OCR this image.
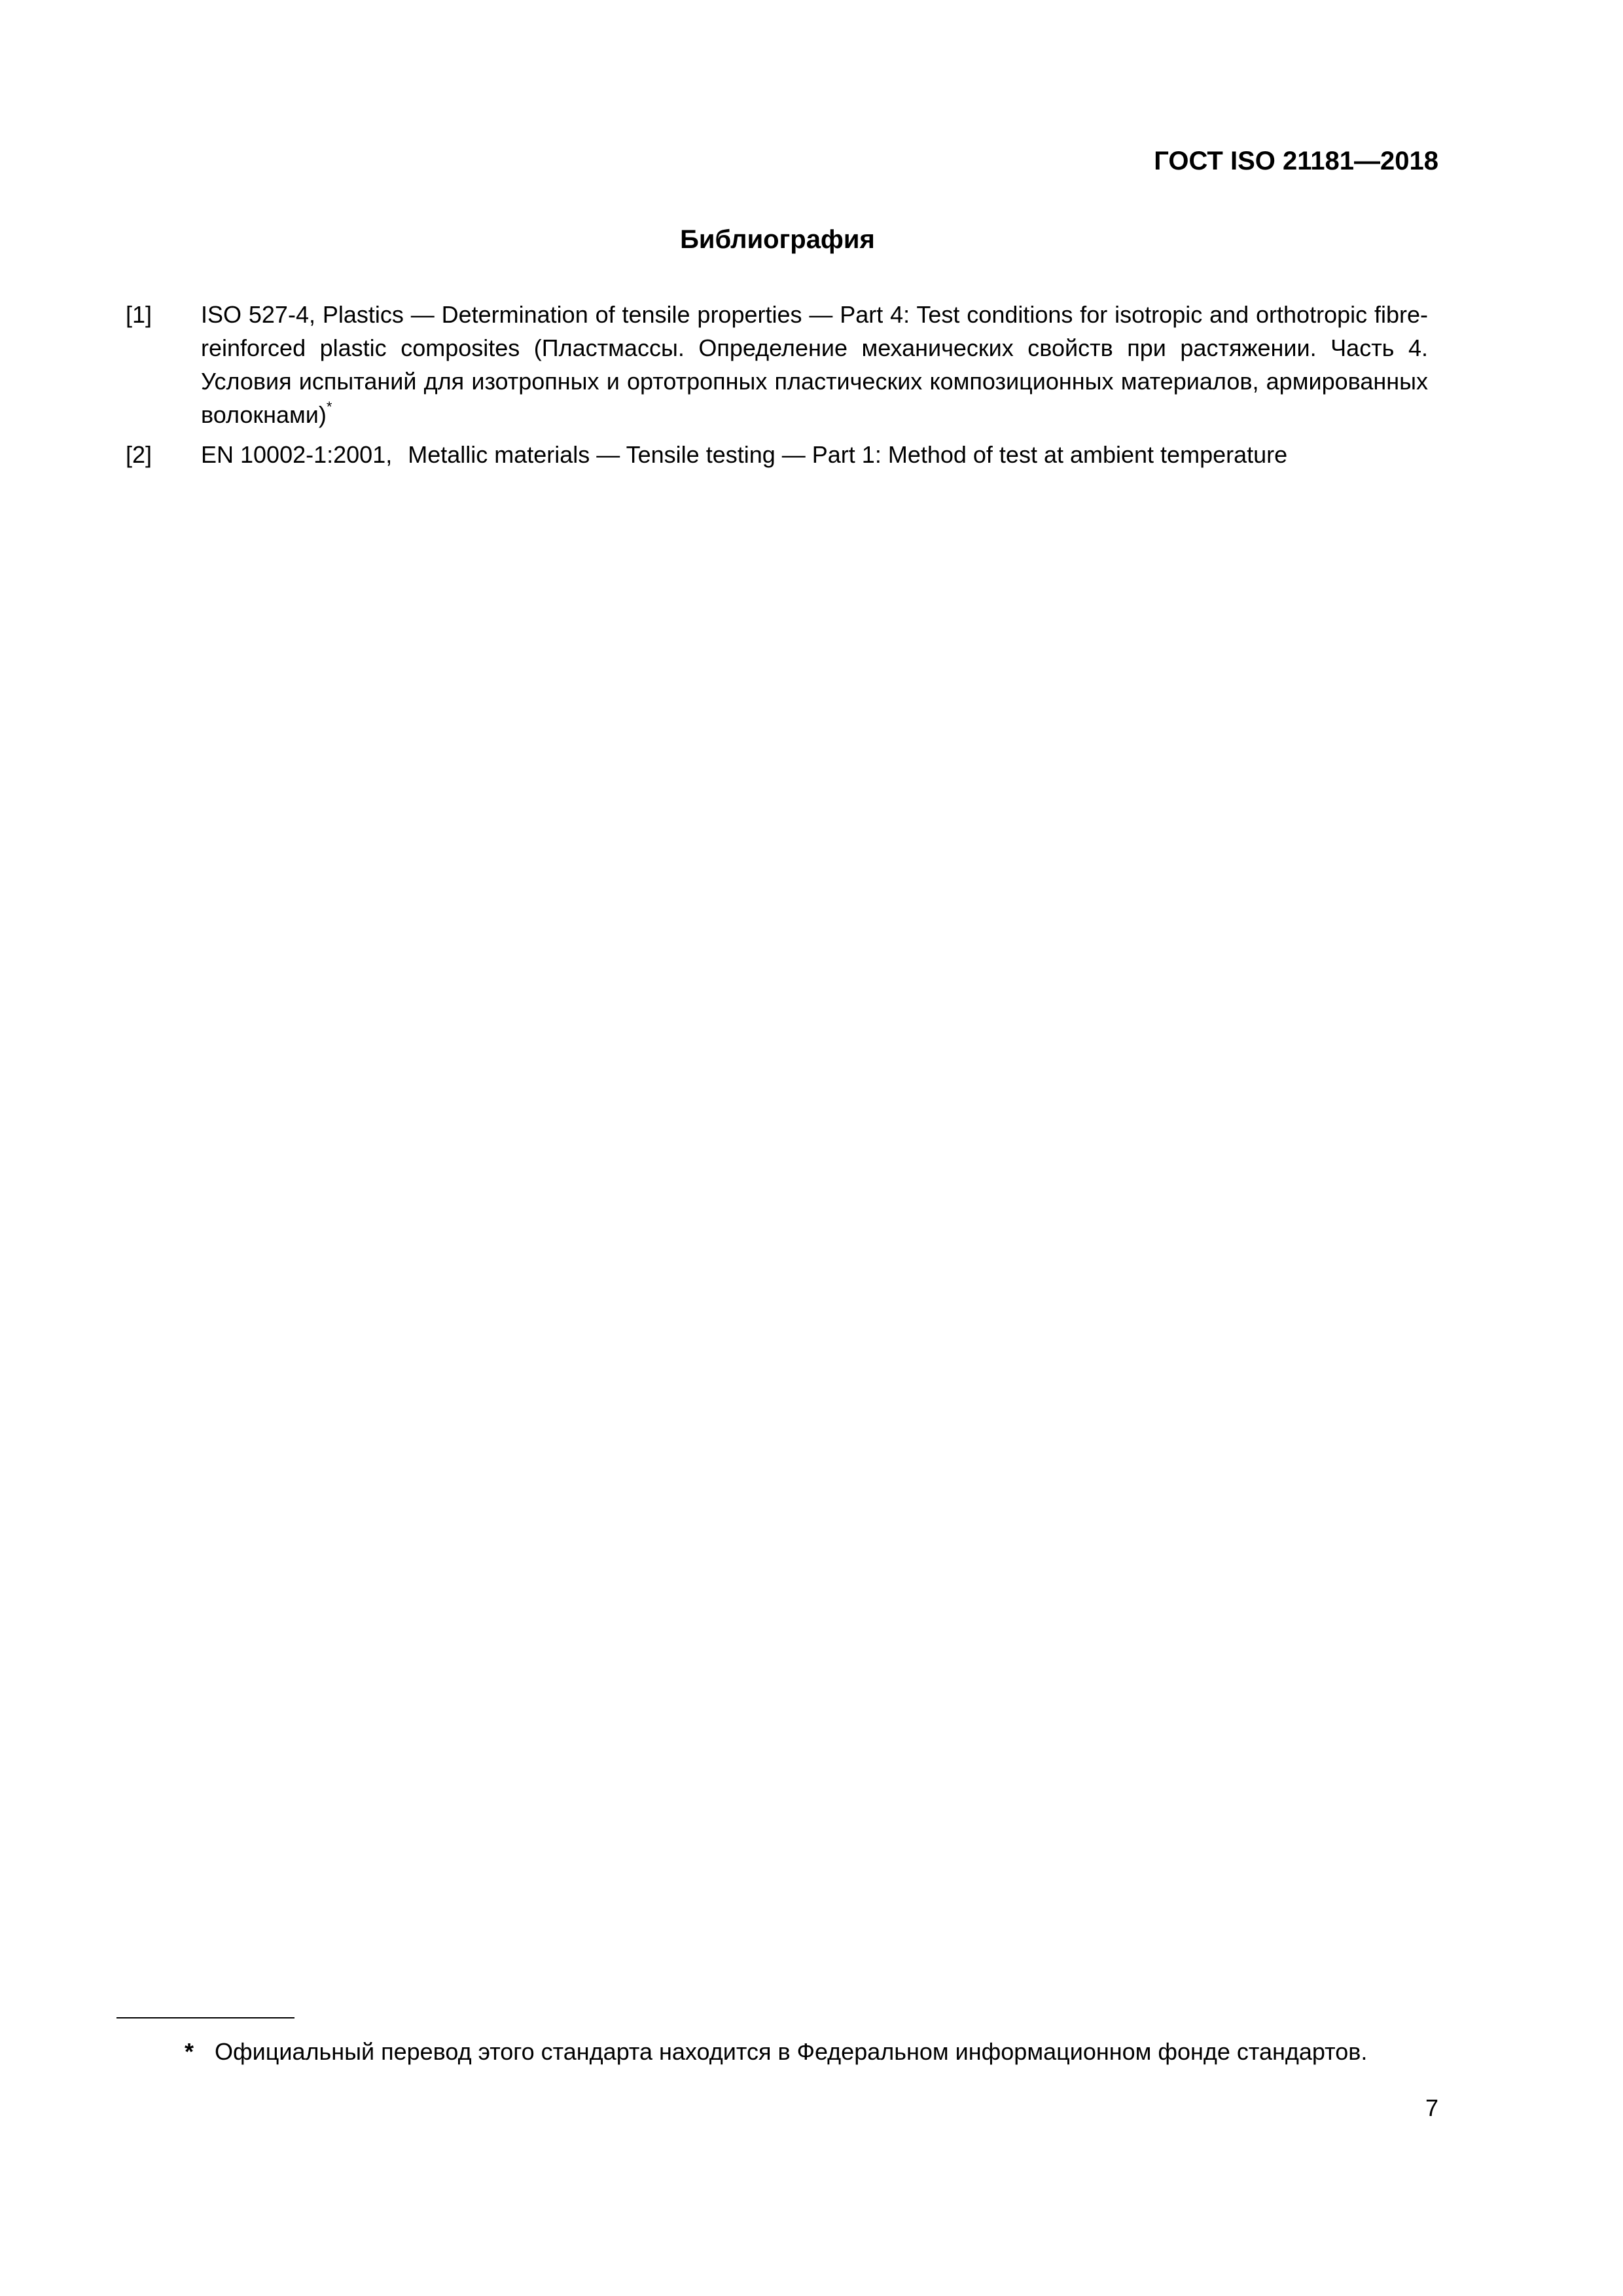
ГОСТ ISO 21181—2018
Библиография
[1]	ISO 527-4, Plastics — Determination of tensile properties — Part 4: Test conditions for isotropic and orthotropic fibre-reinforced plastic composites (Пластмассы. Определение механических свойств при растяжении. Часть 4. Условия испытаний для изотропных и ортотропных пластических композиционных материалов, армированных волокнами)*
[2]	EN 10002-1:2001, Metallic materials — Tensile testing — Part 1: Method of test at ambient temperature
* Официальный перевод этого стандарта находится в Федеральном информационном фонде стандартов.
7
